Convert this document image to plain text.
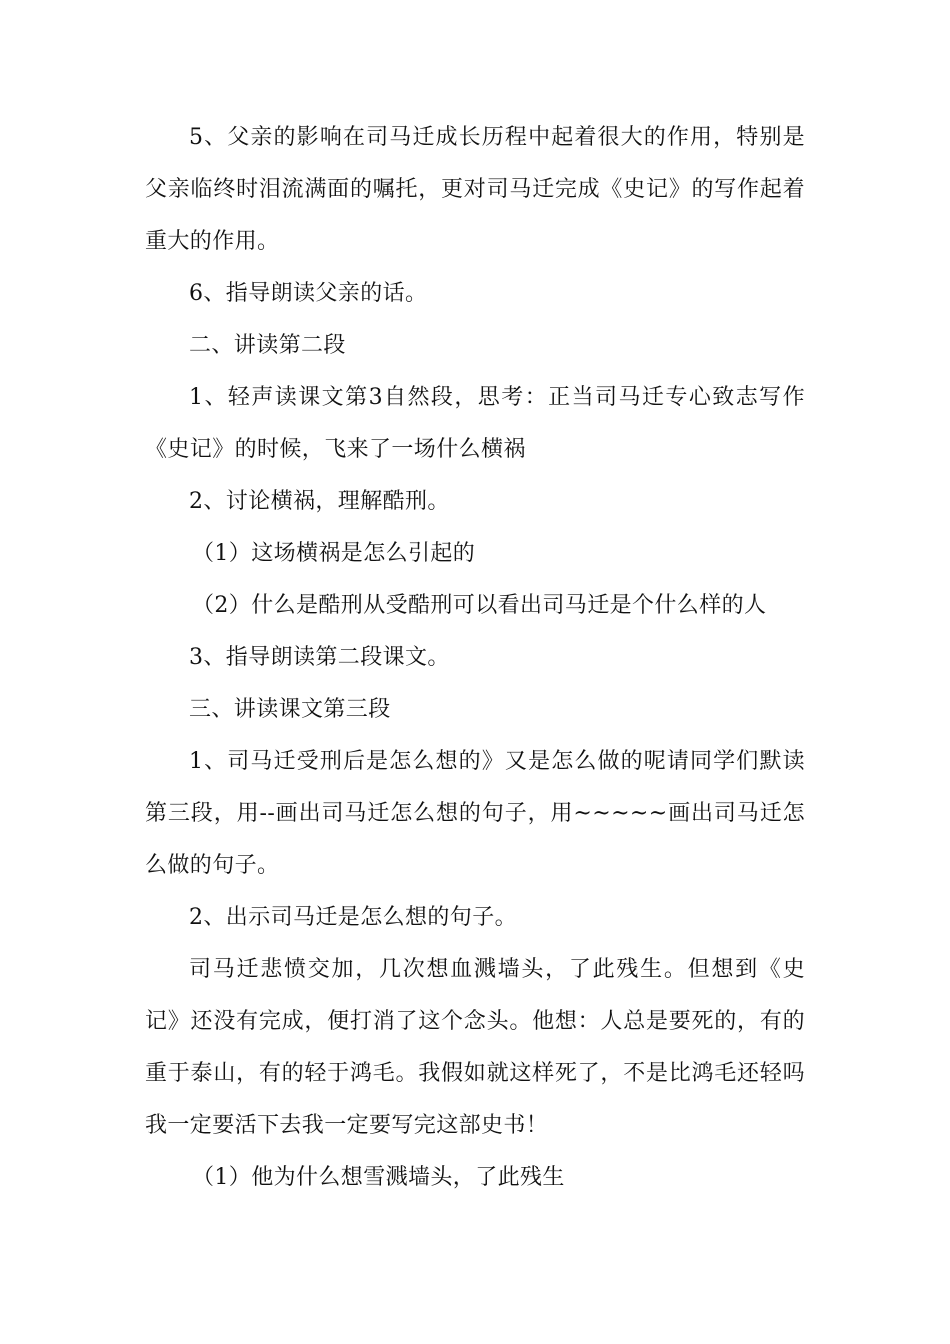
5、父亲的影响在司马迁成长历程中起着很大的作用，特别是父亲临终时泪流满面的嘱托，更对司马迁完成《史记》的写作起着重大的作用。

6、指导朗读父亲的话。

二、讲读第二段

1、轻声读课文第3自然段，思考：正当司马迁专心致志写作《史记》的时候，飞来了一场什么横祸

2、讨论横祸，理解酷刑。

（1）这场横祸是怎么引起的

（2）什么是酷刑从受酷刑可以看出司马迁是个什么样的人

3、指导朗读第二段课文。

三、讲读课文第三段

1、司马迁受刑后是怎么想的》又是怎么做的呢请同学们默读第三段，用--画出司马迁怎么想的句子，用~~~~~画出司马迁怎么做的句子。

2、出示司马迁是怎么想的句子。

司马迁悲愤交加，几次想血溅墙头，了此残生。但想到《史记》还没有完成，便打消了这个念头。他想：人总是要死的，有的重于泰山，有的轻于鸿毛。我假如就这样死了，不是比鸿毛还轻吗我一定要活下去我一定要写完这部史书！

（1）他为什么想雪溅墙头，了此残生
